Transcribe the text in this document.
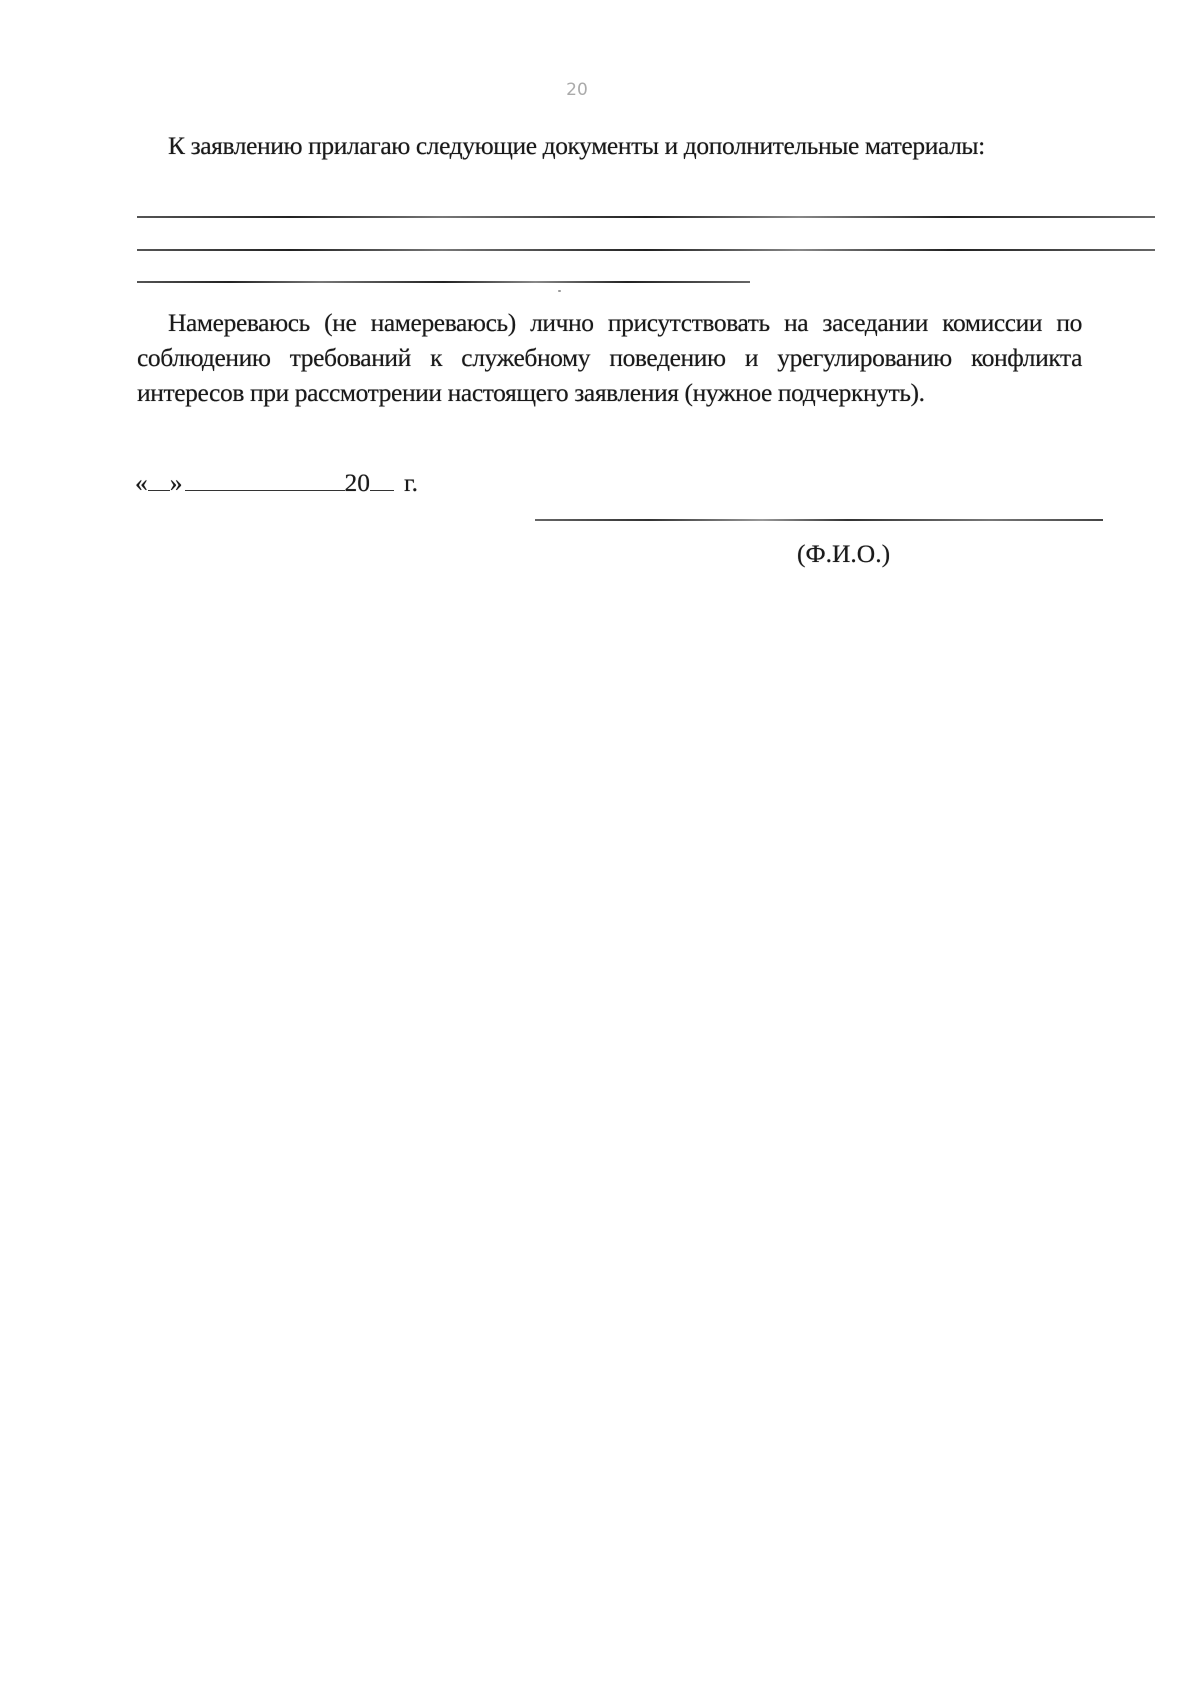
20

К заявлению прилагаю следующие документы и дополнительные материалы:

Намереваюсь (не намереваюсь) лично присутствовать на заседании комиссии по соблюдению требований к служебному поведению и урегулированию конфликта интересов при рассмотрении настоящего заявления (нужное подчеркнуть).

« »	20 г.
(Ф.И.О.)
